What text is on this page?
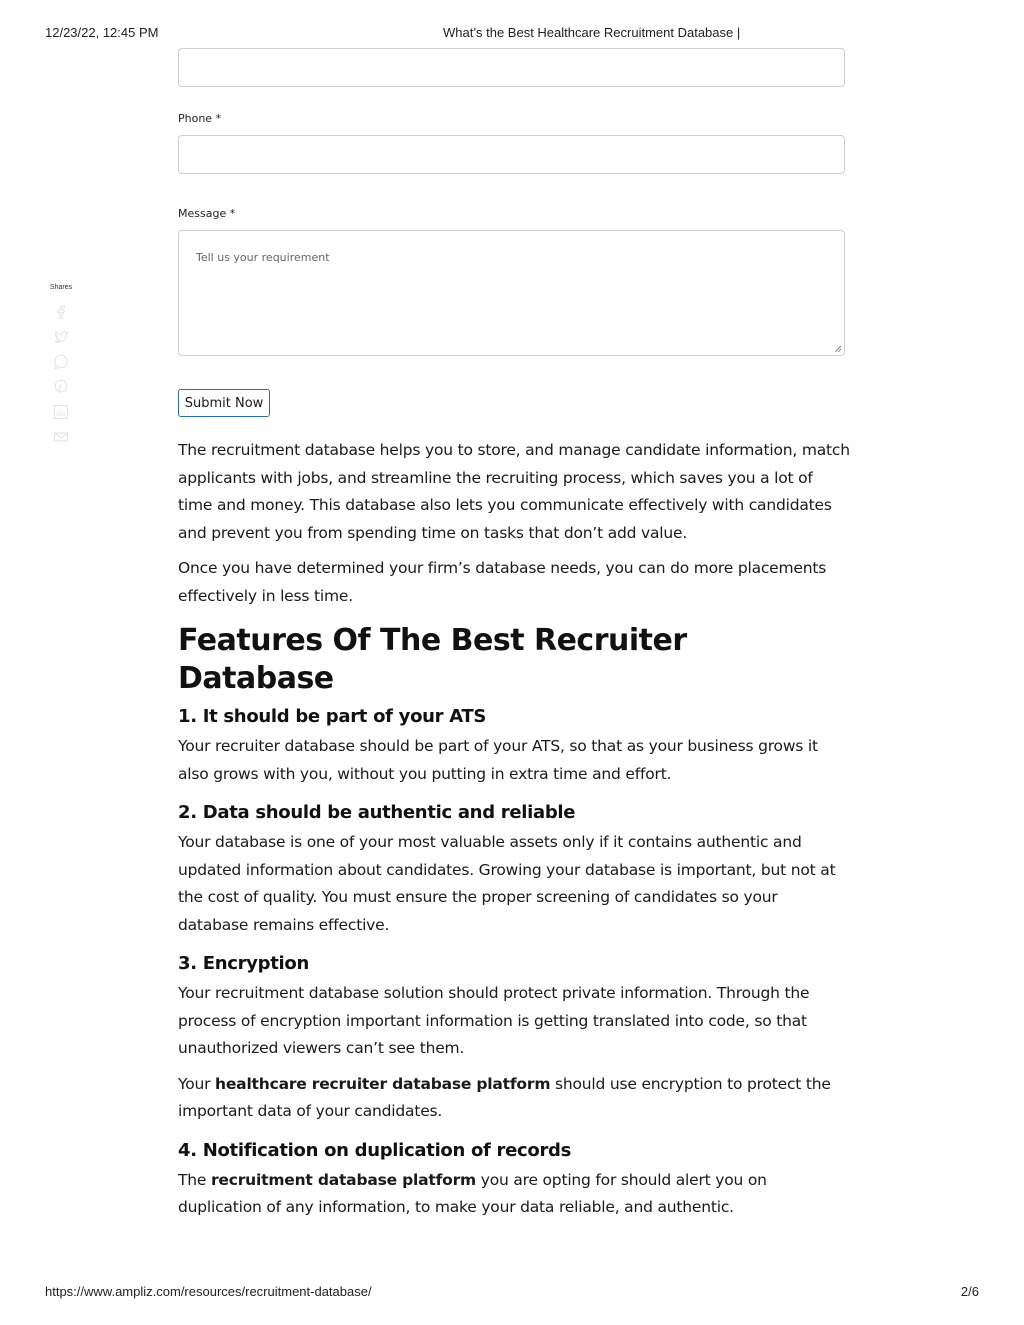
12/23/22, 12:45 PM	What’s the Best Healthcare Recruitment Database |
Phone *
Message *
Tell us your requirement
Submit Now
Shares

The recruitment database helps you to store, and manage candidate information, match applicants with jobs, and streamline the recruiting process, which saves you a lot of time and money. This database also lets you communicate effectively with candidates and prevent you from spending time on tasks that don’t add value.

Once you have determined your firm’s database needs, you can do more placements effectively in less time.

Features Of The Best Recruiter Database
1. It should be part of your ATS

Your recruiter database should be part of your ATS, so that as your business grows it also grows with you, without you putting in extra time and effort.

2. Data should be authentic and reliable

Your database is one of your most valuable assets only if it contains authentic and updated information about candidates. Growing your database is important, but not at the cost of quality. You must ensure the proper screening of candidates so your database remains effective.

3. Encryption

Your recruitment database solution should protect private information. Through the process of encryption important information is getting translated into code, so that unauthorized viewers can’t see them.

Your healthcare recruiter database platform should use encryption to protect the important data of your candidates.

4. Notification on duplication of records

The recruitment database platform you are opting for should alert you on duplication of any information, to make your data reliable, and authentic.

https://www.ampliz.com/resources/recruitment-database/	2/6
